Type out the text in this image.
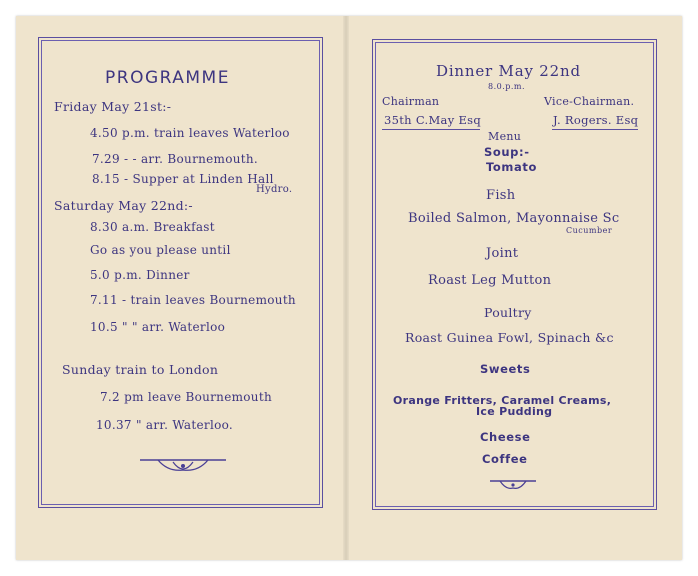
PROGRAMME
Friday May 21st:-
4.50 p.m. train leaves Waterloo
7.29 - - arr. Bournemouth.
8.15 - Supper at Linden Hall
Hydro.
Saturday May 22nd:-
8.30 a.m. Breakfast
Go as you please until
5.0 p.m. Dinner
7.11 - train leaves Bournemouth
10.5 " " arr. Waterloo
Sunday train to London
7.2 pm leave Bournemouth
10.37 " arr. Waterloo.
Dinner May 22nd
8.0.p.m.
Chairman
35th C.May Esq
Vice-Chairman.
J. Rogers. Esq
Menu
Soup:-
Tomato
Fish
Boiled Salmon, Mayonnaise Sc
Cucumber
Joint
Roast Leg Mutton
Poultry
Roast Guinea Fowl, Spinach &c
Sweets
Orange Fritters, Caramel Creams,
Ice Pudding
Cheese
Coffee
